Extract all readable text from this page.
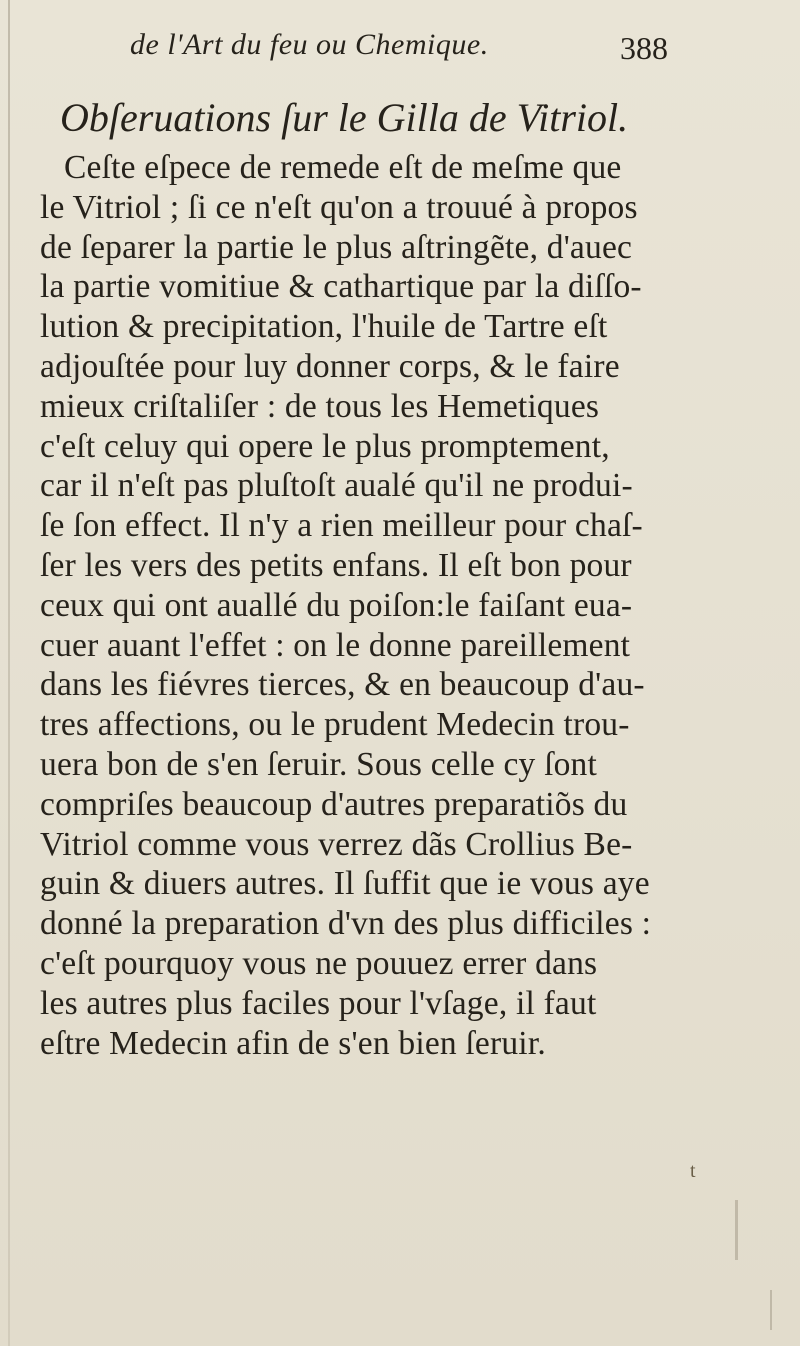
de l'Art du feu ou Chemique.	388
Obſeruations ſur le Gilla de Vitriol.
Ceſte eſpece de remede eſt de meſme que
le Vitriol ; ſi ce n'eſt qu'on a trouué à propos
de ſeparer la partie le plus aſtringẽte, d'auec
la partie vomitiue & cathartique par la diſſo-
lution & precipitation, l'huile de Tartre eſt
adjouſtée pour luy donner corps, & le faire
mieux criſtaliſer : de tous les Hemetiques
c'eſt celuy qui opere le plus promptement,
car il n'eſt pas pluſtoſt aualé qu'il ne produi-
ſe ſon effect. Il n'y a rien meilleur pour chaſ-
ſer les vers des petits enfans. Il eſt bon pour
ceux qui ont auallé du poiſon:le faiſant eua-
cuer auant l'effet : on le donne pareillement
dans les fiévres tierces, & en beaucoup d'au-
tres affections, ou le prudent Medecin trou-
uera bon de s'en ſeruir. Sous celle cy ſont
compriſes beaucoup d'autres preparatiõs du
Vitriol comme vous verrez dãs Crollius Be-
guin & diuers autres. Il ſuffit que ie vous aye
donné la preparation d'vn des plus difficiles :
c'eſt pourquoy vous ne pouuez errer dans
les autres plus faciles pour l'vſage, il faut
eſtre Medecin afin de s'en bien ſeruir.
t
